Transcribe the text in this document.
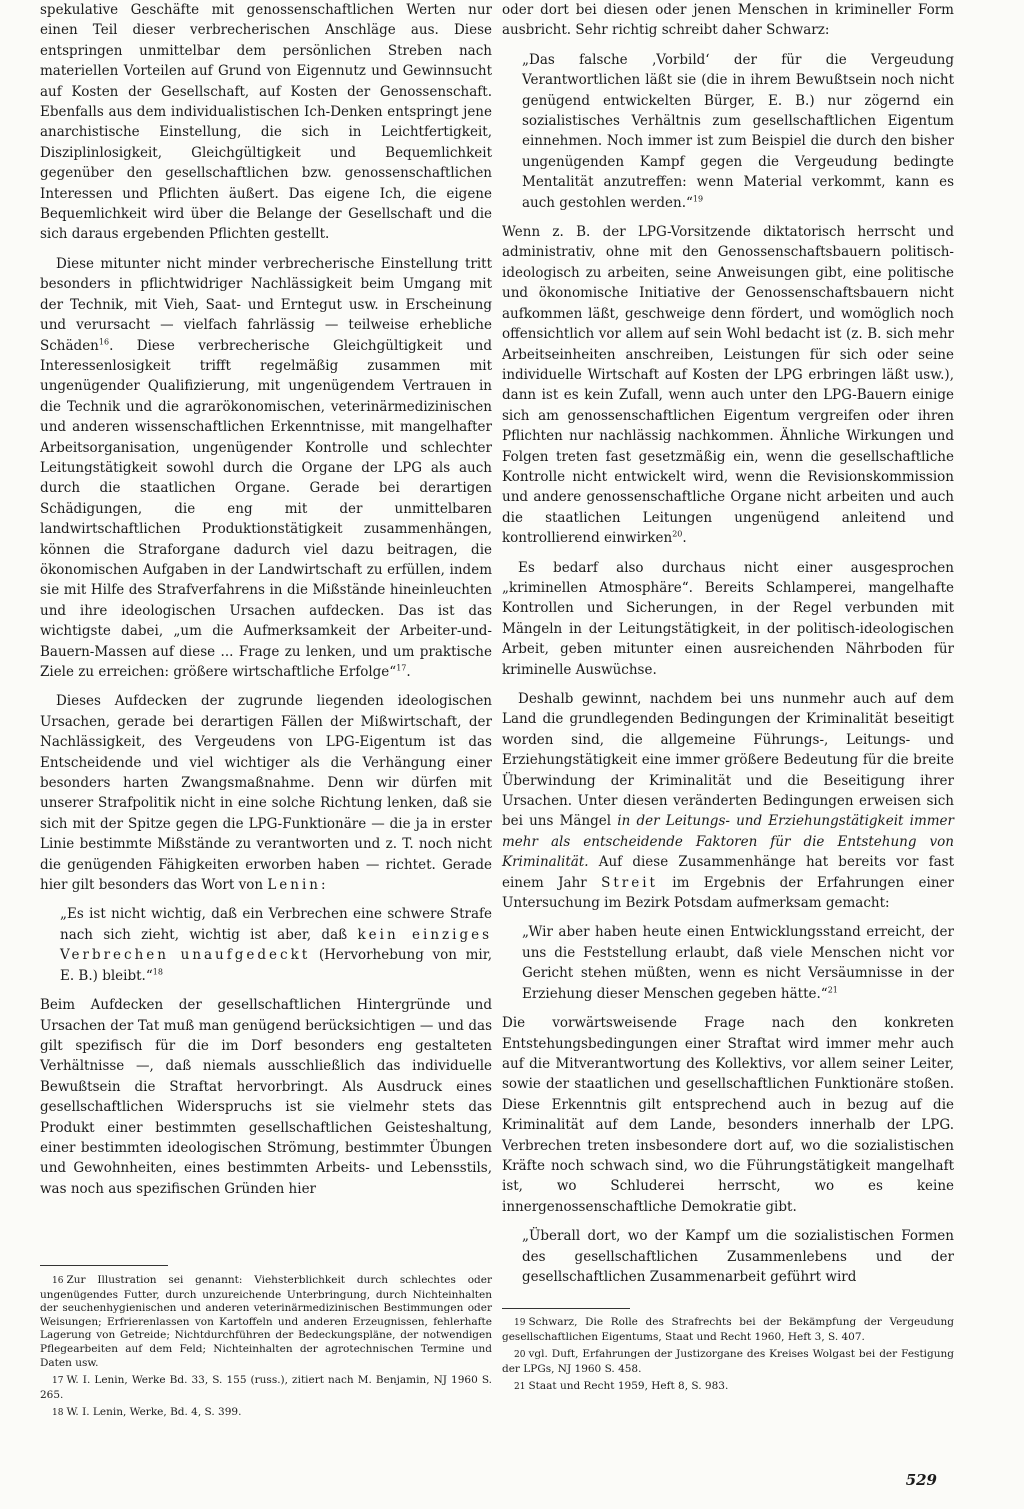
spekulative Geschäfte mit genossenschaftlichen Werten nur einen Teil dieser verbrecherischen Anschläge aus. Diese entspringen unmittelbar dem persönlichen Streben nach materiellen Vorteilen auf Grund von Eigennutz und Gewinnsucht auf Kosten der Gesellschaft, auf Kosten der Genossenschaft. Ebenfalls aus dem individualistischen Ich-Denken entspringt jene anarchistische Einstellung, die sich in Leichtfertigkeit, Disziplinlosigkeit, Gleichgültigkeit und Bequemlichkeit gegenüber den gesellschaftlichen bzw. genossenschaftlichen Interessen und Pflichten äußert. Das eigene Ich, die eigene Bequemlichkeit wird über die Belange der Gesellschaft und die sich daraus ergebenden Pflichten gestellt.

Diese mitunter nicht minder verbrecherische Einstellung tritt besonders in pflichtwidriger Nachlässigkeit beim Umgang mit der Technik, mit Vieh, Saat- und Erntegut usw. in Erscheinung und verursacht — vielfach fahrlässig — teilweise erhebliche Schäden$^{16}$. Diese verbrecherische Gleichgültigkeit und Interessenlosigkeit trifft regelmäßig zusammen mit ungenügender Qualifizierung, mit ungenügendem Vertrauen in die Technik und die agrarökonomischen, veterinärmedizinischen und anderen wissenschaftlichen Erkenntnisse, mit mangelhafter Arbeitsorganisation, ungenügender Kontrolle und schlechter Leitungstätigkeit sowohl durch die Organe der LPG als auch durch die staatlichen Organe. Gerade bei derartigen Schädigungen, die eng mit der unmittelbaren landwirtschaftlichen Produktionstätigkeit zusammenhängen, können die Straforgane dadurch viel dazu beitragen, die ökonomischen Aufgaben in der Landwirtschaft zu erfüllen, indem sie mit Hilfe des Strafverfahrens in die Mißstände hineinleuchten und ihre ideologischen Ursachen aufdecken. Das ist das wichtigste dabei, „um die Aufmerksamkeit der Arbeiter-und-Bauern-Massen auf diese ... Frage zu lenken, und um praktische Ziele zu erreichen: größere wirtschaftliche Erfolge“$^{17}$.

Dieses Aufdecken der zugrunde liegenden ideologischen Ursachen, gerade bei derartigen Fällen der Mißwirtschaft, der Nachlässigkeit, des Vergeudens von LPG-Eigentum ist das Entscheidende und viel wichtiger als die Verhängung einer besonders harten Zwangsmaßnahme. Denn wir dürfen mit unserer Strafpolitik nicht in eine solche Richtung lenken, daß sie sich mit der Spitze gegen die LPG-Funktionäre — die ja in erster Linie bestimmte Mißstände zu verantworten und z. T. noch nicht die genügenden Fähigkeiten erworben haben — richtet. Gerade hier gilt besonders das Wort von Lenin:

„Es ist nicht wichtig, daß ein Verbrechen eine schwere Strafe nach sich zieht, wichtig ist aber, daß kein einziges Verbrechen unaufgedeckt (Hervorhebung von mir, E. B.) bleibt.“$^{18}$

Beim Aufdecken der gesellschaftlichen Hintergründe und Ursachen der Tat muß man genügend berücksichtigen — und das gilt spezifisch für die im Dorf besonders eng gestalteten Verhältnisse —, daß niemals ausschließlich das individuelle Bewußtsein die Straftat hervorbringt. Als Ausdruck eines gesellschaftlichen Widerspruchs ist sie vielmehr stets das Produkt einer bestimmten gesellschaftlichen Geisteshaltung, einer bestimmten ideologischen Strömung, bestimmter Übungen und Gewohnheiten, eines bestimmten Arbeits- und Lebensstils, was noch aus spezifischen Gründen hier

16 Zur Illustration sei genannt: Viehsterblichkeit durch schlechtes oder ungenügendes Futter, durch unzureichende Unterbringung, durch Nichteinhalten der seuchenhygienischen und anderen veterinärmedizinischen Bestimmungen oder Weisungen; Erfrierenlassen von Kartoffeln und anderen Erzeugnissen, fehlerhafte Lagerung von Getreide; Nichtdurchführen der Bedeckungspläne, der notwendigen Pflegearbeiten auf dem Feld; Nichteinhalten der agrotechnischen Termine und Daten usw.

17 W. I. Lenin, Werke Bd. 33, S. 155 (russ.), zitiert nach M. Benjamin, NJ 1960 S. 265.

18 W. I. Lenin, Werke, Bd. 4, S. 399.

oder dort bei diesen oder jenen Menschen in krimineller Form ausbricht. Sehr richtig schreibt daher Schwarz:

„Das falsche ‚Vorbild‘ der für die Vergeudung Verantwortlichen läßt sie (die in ihrem Bewußtsein noch nicht genügend entwickelten Bürger, E. B.) nur zögernd ein sozialistisches Verhältnis zum gesellschaftlichen Eigentum einnehmen. Noch immer ist zum Beispiel die durch den bisher ungenügenden Kampf gegen die Vergeudung bedingte Mentalität anzutreffen: wenn Material verkommt, kann es auch gestohlen werden.“$^{19}$

Wenn z. B. der LPG-Vorsitzende diktatorisch herrscht und administrativ, ohne mit den Genossenschaftsbauern politisch-ideologisch zu arbeiten, seine Anweisungen gibt, eine politische und ökonomische Initiative der Genossenschaftsbauern nicht aufkommen läßt, geschweige denn fördert, und womöglich noch offensichtlich vor allem auf sein Wohl bedacht ist (z. B. sich mehr Arbeitseinheiten anschreiben, Leistungen für sich oder seine individuelle Wirtschaft auf Kosten der LPG erbringen läßt usw.), dann ist es kein Zufall, wenn auch unter den LPG-Bauern einige sich am genossenschaftlichen Eigentum vergreifen oder ihren Pflichten nur nachlässig nachkommen. Ähnliche Wirkungen und Folgen treten fast gesetzmäßig ein, wenn die gesellschaftliche Kontrolle nicht entwickelt wird, wenn die Revisionskommission und andere genossenschaftliche Organe nicht arbeiten und auch die staatlichen Leitungen ungenügend anleitend und kontrollierend einwirken$^{20}$.

Es bedarf also durchaus nicht einer ausgesprochen „kriminellen Atmosphäre“. Bereits Schlamperei, mangelhafte Kontrollen und Sicherungen, in der Regel verbunden mit Mängeln in der Leitungstätigkeit, in der politisch-ideologischen Arbeit, geben mitunter einen ausreichenden Nährboden für kriminelle Auswüchse.

Deshalb gewinnt, nachdem bei uns nunmehr auch auf dem Land die grundlegenden Bedingungen der Kriminalität beseitigt worden sind, die allgemeine Führungs-, Leitungs- und Erziehungstätigkeit eine immer größere Bedeutung für die breite Überwindung der Kriminalität und die Beseitigung ihrer Ursachen. Unter diesen veränderten Bedingungen erweisen sich bei uns Mängel in der Leitungs- und Erziehungstätigkeit immer mehr als entscheidende Faktoren für die Entstehung von Kriminalität. Auf diese Zusammenhänge hat bereits vor fast einem Jahr Streit im Ergebnis der Erfahrungen einer Untersuchung im Bezirk Potsdam aufmerksam gemacht:

„Wir aber haben heute einen Entwicklungsstand erreicht, der uns die Feststellung erlaubt, daß viele Menschen nicht vor Gericht stehen müßten, wenn es nicht Versäumnisse in der Erziehung dieser Menschen gegeben hätte.“$^{21}$

Die vorwärtsweisende Frage nach den konkreten Entstehungsbedingungen einer Straftat wird immer mehr auch auf die Mitverantwortung des Kollektivs, vor allem seiner Leiter, sowie der staatlichen und gesellschaftlichen Funktionäre stoßen. Diese Erkenntnis gilt entsprechend auch in bezug auf die Kriminalität auf dem Lande, besonders innerhalb der LPG. Verbrechen treten insbesondere dort auf, wo die sozialistischen Kräfte noch schwach sind, wo die Führungstätigkeit mangelhaft ist, wo Schluderei herrscht, wo es keine innergenossenschaftliche Demokratie gibt.

„Überall dort, wo der Kampf um die sozialistischen Formen des gesellschaftlichen Zusammenlebens und der gesellschaftlichen Zusammenarbeit geführt wird

19 Schwarz, Die Rolle des Strafrechts bei der Bekämpfung der Vergeudung gesellschaftlichen Eigentums, Staat und Recht 1960, Heft 3, S. 407.

20 vgl. Duft, Erfahrungen der Justizorgane des Kreises Wolgast bei der Festigung der LPGs, NJ 1960 S. 458.

21 Staat und Recht 1959, Heft 8, S. 983.

529
